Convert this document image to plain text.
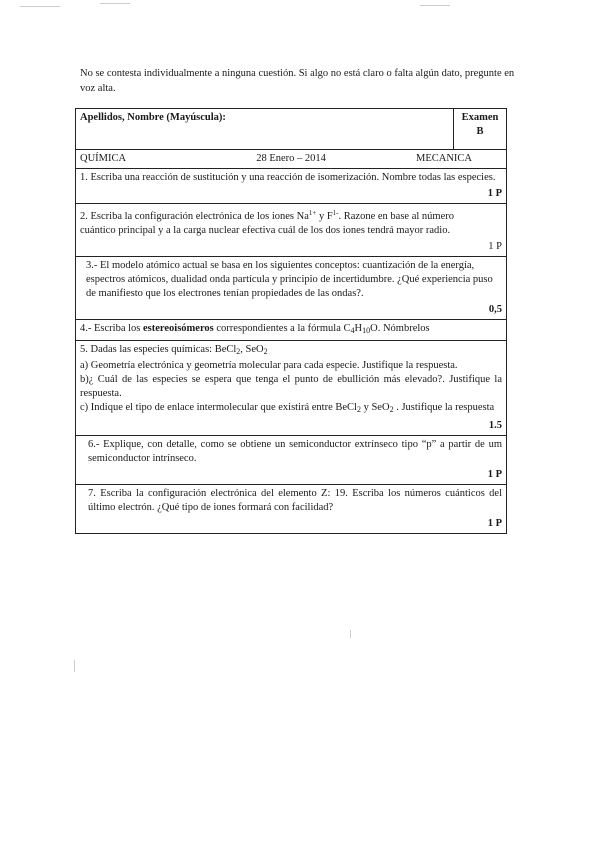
No se contesta individualmente a ninguna cuestión. Si algo no está claro o falta algún dato, pregunte en voz alta.
Apellidos, Nombre (Mayúscula):	Examen
B

QUÍMICA	28 Enero – 2014	MECANICA

1. Escriba una reacción de sustitución y una reacción de isomerización. Nombre todas las especies.
1 P

2. Escriba la configuración electrónica de los iones $Na^{1+}$ y $F^{1-}$. Razone en base al número cuántico principal y a la carga nuclear efectiva cuál de los dos iones tendrá mayor radio.
1 P

3.- El modelo atómico actual se basa en los siguientes conceptos: cuantización de la energía, espectros atómicos, dualidad onda partícula y principio de incertidumbre. ¿Qué experiencia puso de manifiesto que los electrones tenían propiedades de las ondas?.
0,5

4.- Escriba los estereoisómeros correspondientes a la fórmula $C_4H_{10}O$. Nómbrelos

5. Dadas las especies químicas: BeCl$_2$, SeO$_2$
a) Geometría electrónica y geometría molecular para cada especie. Justifique la respuesta.
b)¿ Cuál de las especies se espera que tenga el punto de ebullición más elevado?. Justifique la respuesta.
c) Indique el tipo de enlace intermolecular que existirá entre BeCl$_2$ y SeO$_2$ . Justifique la respuesta
1.5

6.- Explique, con detalle, como se obtiene un semiconductor extrínseco tipo “p” a partir de um semiconductor intrínseco.
1 P

7. Escriba la configuración electrónica del elemento Z: 19. Escriba los números cuánticos del último electrón. ¿Qué tipo de iones formará con facilidad?
1 P
